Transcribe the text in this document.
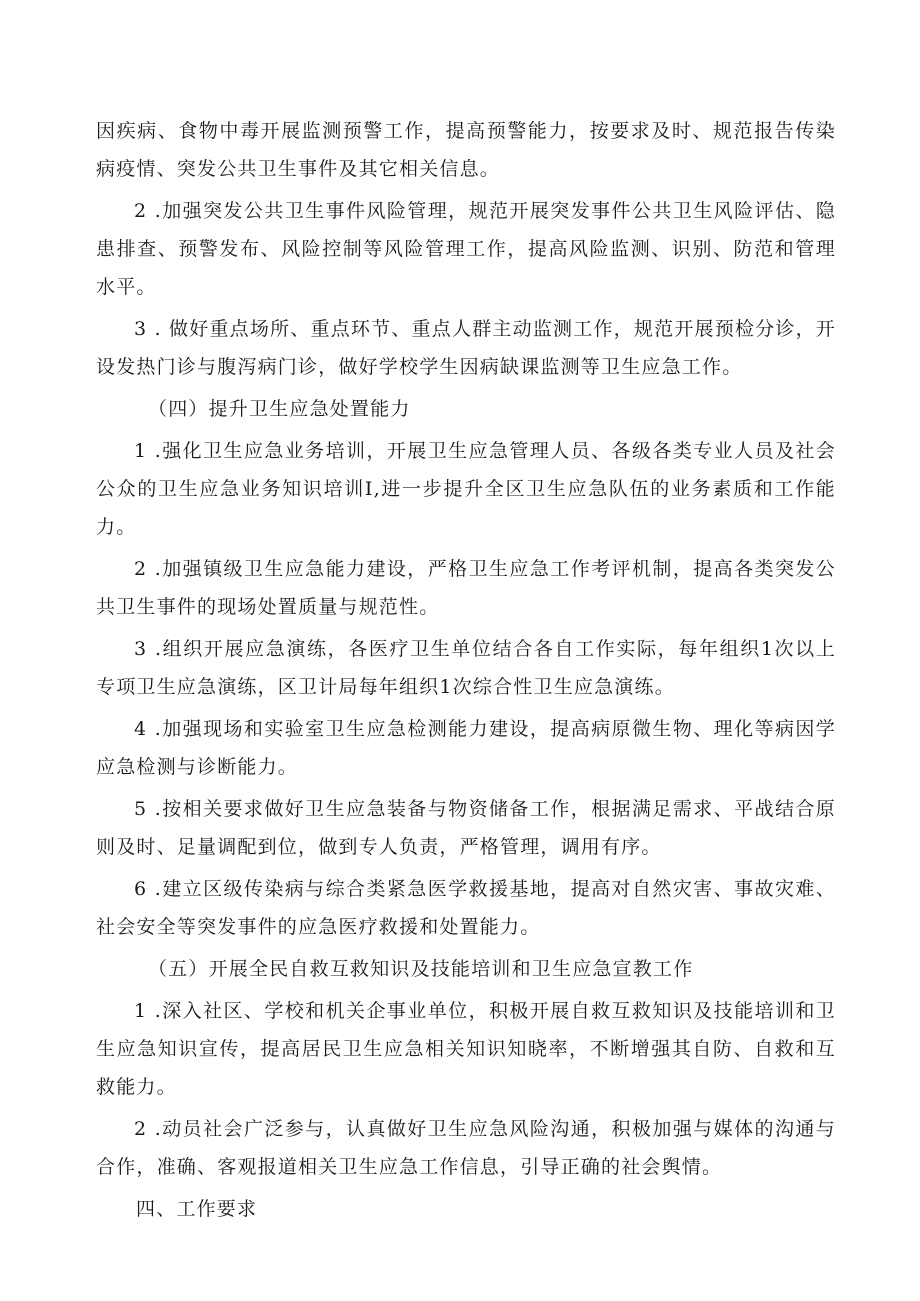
因疾病、食物中毒开展监测预警工作，提高预警能力，按要求及时、规范报告传染病疫情、突发公共卫生事件及其它相关信息。

2 .加强突发公共卫生事件风险管理，规范开展突发事件公共卫生风险评估、隐患排查、预警发布、风险控制等风险管理工作，提高风险监测、识别、防范和管理水平。

3 . 做好重点场所、重点环节、重点人群主动监测工作，规范开展预检分诊，开设发热门诊与腹泻病门诊，做好学校学生因病缺课监测等卫生应急工作。

（四）提升卫生应急处置能力

1 .强化卫生应急业务培训，开展卫生应急管理人员、各级各类专业人员及社会公众的卫生应急业务知识培训I,进一步提升全区卫生应急队伍的业务素质和工作能力。

2 .加强镇级卫生应急能力建设，严格卫生应急工作考评机制，提高各类突发公共卫生事件的现场处置质量与规范性。

3 .组织开展应急演练，各医疗卫生单位结合各自工作实际，每年组织1次以上专项卫生应急演练，区卫计局每年组织1次综合性卫生应急演练。

4 .加强现场和实验室卫生应急检测能力建设，提高病原微生物、理化等病因学应急检测与诊断能力。

5 .按相关要求做好卫生应急装备与物资储备工作，根据满足需求、平战结合原则及时、足量调配到位，做到专人负责，严格管理，调用有序。

6 .建立区级传染病与综合类紧急医学救援基地，提高对自然灾害、事故灾难、社会安全等突发事件的应急医疗救援和处置能力。

（五）开展全民自救互救知识及技能培训和卫生应急宣教工作

1 .深入社区、学校和机关企事业单位，积极开展自救互救知识及技能培训和卫生应急知识宣传，提高居民卫生应急相关知识知晓率，不断增强其自防、自救和互救能力。

2 .动员社会广泛参与，认真做好卫生应急风险沟通，积极加强与媒体的沟通与合作，准确、客观报道相关卫生应急工作信息，引导正确的社会舆情。

四、工作要求
